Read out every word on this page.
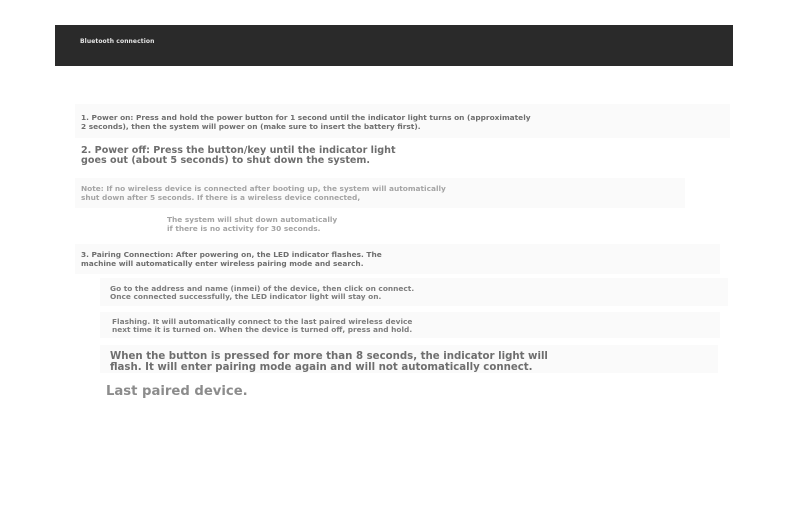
Bluetooth connection
1. Power on: Press and hold the power button for 1 second until the indicator light turns on (approximately
2 seconds), then the system will power on (make sure to insert the battery first).
2. Power off: Press the button/key until the indicator light
goes out (about 5 seconds) to shut down the system.
Note: If no wireless device is connected after booting up, the system will automatically
shut down after 5 seconds. If there is a wireless device connected,
The system will shut down automatically
if there is no activity for 30 seconds.
3. Pairing Connection: After powering on, the LED indicator flashes. The
machine will automatically enter wireless pairing mode and search.
Go to the address and name (inmei) of the device, then click on connect.
Once connected successfully, the LED indicator light will stay on.
Flashing. It will automatically connect to the last paired wireless device
next time it is turned on. When the device is turned off, press and hold.
When the button is pressed for more than 8 seconds, the indicator light will
flash. It will enter pairing mode again and will not automatically connect.
Last paired device.
